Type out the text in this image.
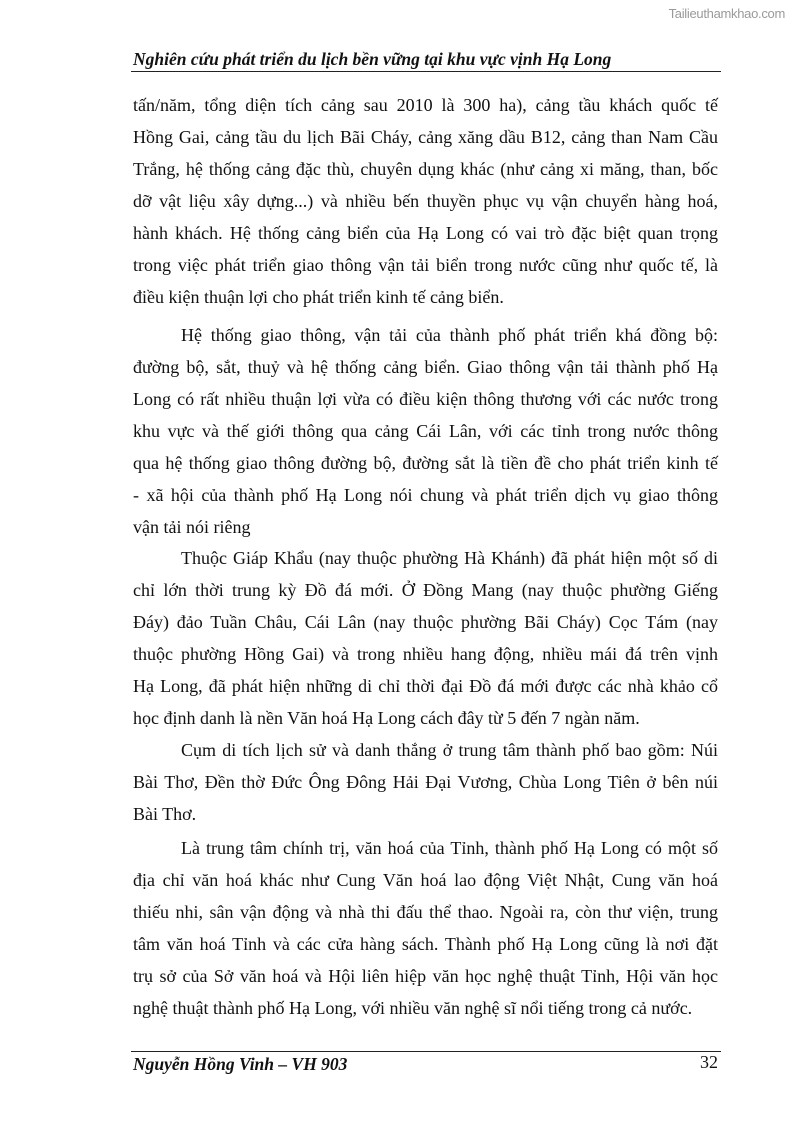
Tailieuthamkhao.com
Nghiên cứu phát triển du lịch bền vững tại khu vực vịnh Hạ Long
tấn/năm, tổng diện tích cảng sau 2010 là 300 ha), cảng tầu khách quốc tế
Hồng Gai, cảng tầu du lịch Bãi Cháy, cảng xăng dầu B12, cảng than Nam Cầu
Trắng, hệ thống cảng đặc thù, chuyên dụng khác (như cảng xi măng, than, bốc
dỡ vật liệu xây dựng...) và nhiều bến thuyền phục vụ vận chuyển hàng hoá,
hành khách. Hệ thống cảng biển của Hạ Long có vai trò đặc biệt quan trọng
trong việc phát triển giao thông vận tải biển trong nước cũng như quốc tế, là
điều kiện thuận lợi cho phát triển kinh tế cảng biển.
Hệ thống giao thông, vận tải của thành phố phát triển khá đồng bộ:
đường bộ, sắt, thuỷ và hệ thống cảng biển. Giao thông vận tải thành phố Hạ
Long có rất nhiều thuận lợi vừa có điều kiện thông thương với các nước trong
khu vực và thế giới thông qua cảng Cái Lân, với các tỉnh trong nước thông
qua hệ thống giao thông đường bộ, đường sắt là tiền đề cho phát triển kinh tế
- xã hội của thành phố Hạ Long nói chung và phát triển dịch vụ giao thông
vận tải nói riêng
Thuộc Giáp Khẩu (nay thuộc phường Hà Khánh) đã phát hiện một số di
chỉ lớn thời trung kỳ Đồ đá mới. Ở Đồng Mang (nay thuộc phường Giếng
Đáy) đảo Tuần Châu, Cái Lân (nay thuộc phường Bãi Cháy) Cọc Tám (nay
thuộc phường Hồng Gai) và trong nhiều hang động, nhiều mái đá trên vịnh
Hạ Long, đã phát hiện những di chỉ thời đại Đồ đá mới được các nhà khảo cổ
học định danh là nền Văn hoá Hạ Long cách đây từ 5 đến 7 ngàn năm.
Cụm di tích lịch sử và danh thắng ở trung tâm thành phố bao gồm: Núi
Bài Thơ, Đền thờ Đức Ông Đông Hải Đại Vương, Chùa Long Tiên ở bên núi
Bài Thơ.
Là trung tâm chính trị, văn hoá của Tỉnh, thành phố Hạ Long có một số
địa chỉ văn hoá khác như Cung Văn hoá lao động Việt Nhật, Cung văn hoá
thiếu nhi, sân vận động và nhà thi đấu thể thao. Ngoài ra, còn thư viện, trung
tâm văn hoá Tỉnh và các cửa hàng sách. Thành phố Hạ Long cũng là nơi đặt
trụ sở của Sở văn hoá và Hội liên hiệp văn học nghệ thuật Tỉnh, Hội văn học
nghệ thuật thành phố Hạ Long, với nhiều văn nghệ sĩ nổi tiếng trong cả nước.
Nguyễn Hồng Vinh – VH 903	32
